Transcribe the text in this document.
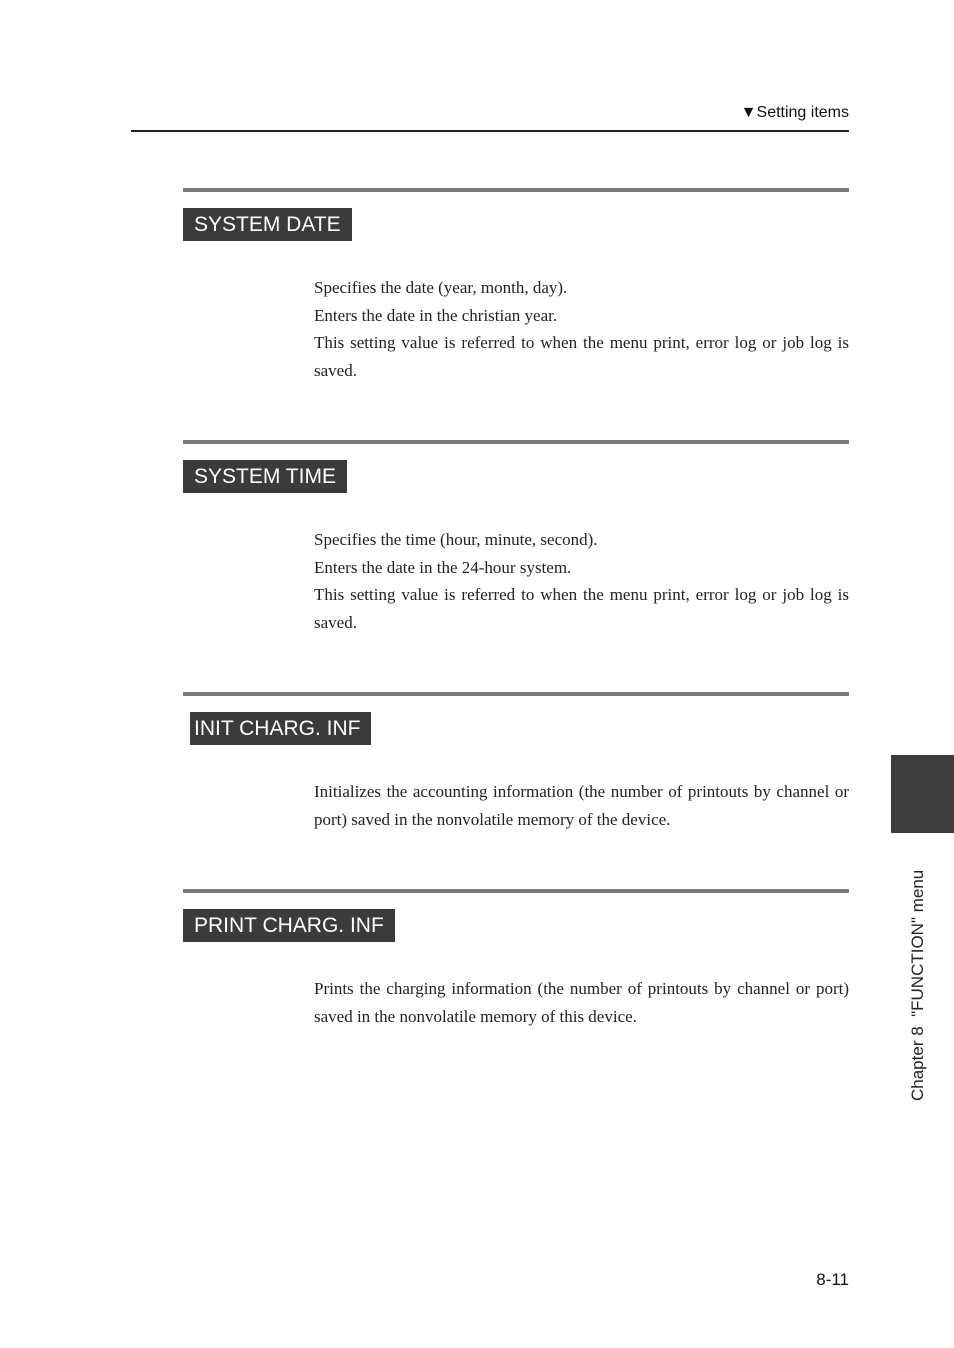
▼Setting items
SYSTEM DATE

Specifies the date (year, month, day).

Enters the date in the christian year.

This setting value is referred to when the menu print, error log or job log is saved.

SYSTEM TIME

Specifies the time (hour, minute, second).

Enters the date in the 24-hour system.

This setting value is referred to when the menu print, error log or job log is saved.

INIT CHARG. INF

Initializes the accounting information (the number of printouts by channel or port) saved in the nonvolatile memory of the device.

PRINT CHARG. INF

Prints the charging information (the number of printouts by channel or port) saved in the nonvolatile memory of this device.	Chapter 8  "FUNCTION" menu
8-11
